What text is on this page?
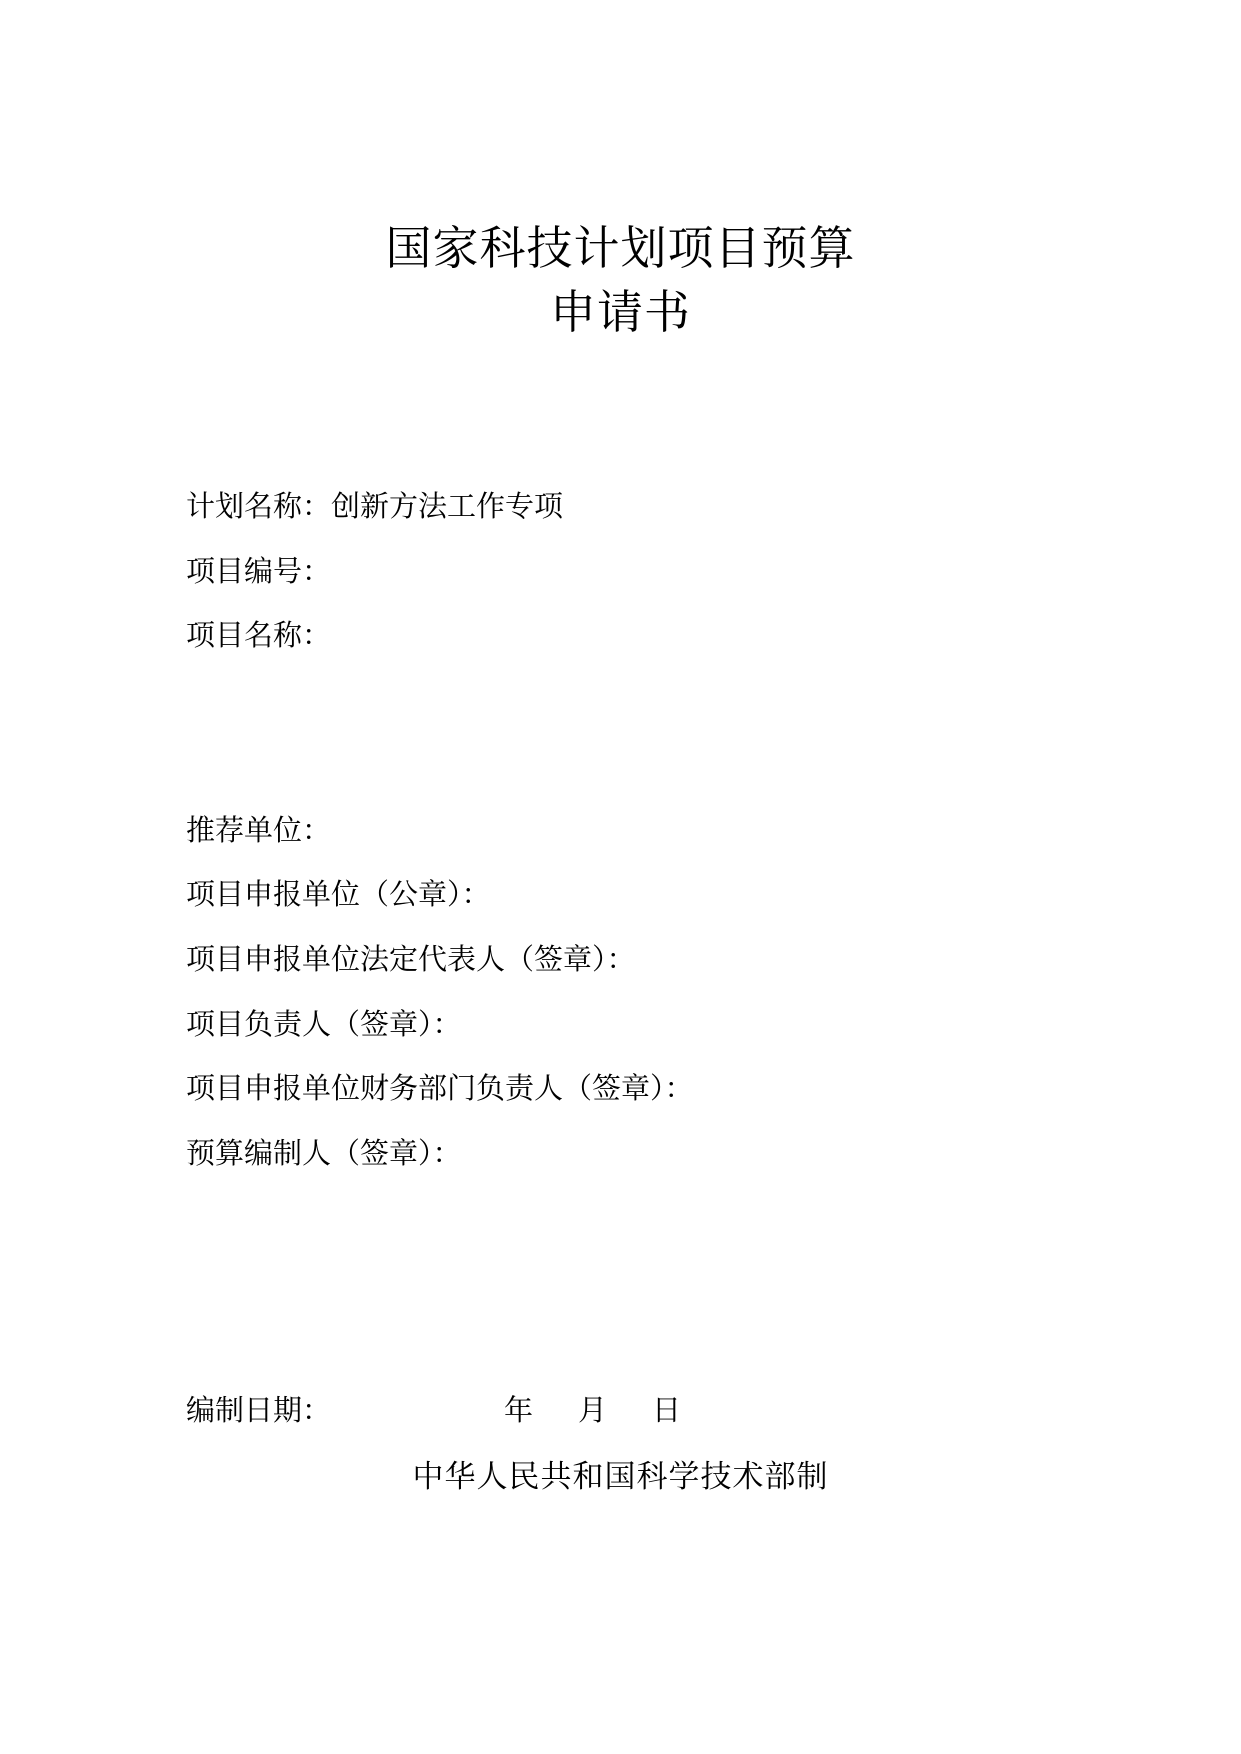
国家科技计划项目预算
申请书
计划名称：创新方法工作专项
项目编号：
项目名称：
推荐单位：
项目申报单位（公章）：
项目申报单位法定代表人（签章）：
项目负责人（签章）：
项目申报单位财务部门负责人（签章）：
预算编制人（签章）：
编制日期：	年 月 日
中华人民共和国科学技术部制
